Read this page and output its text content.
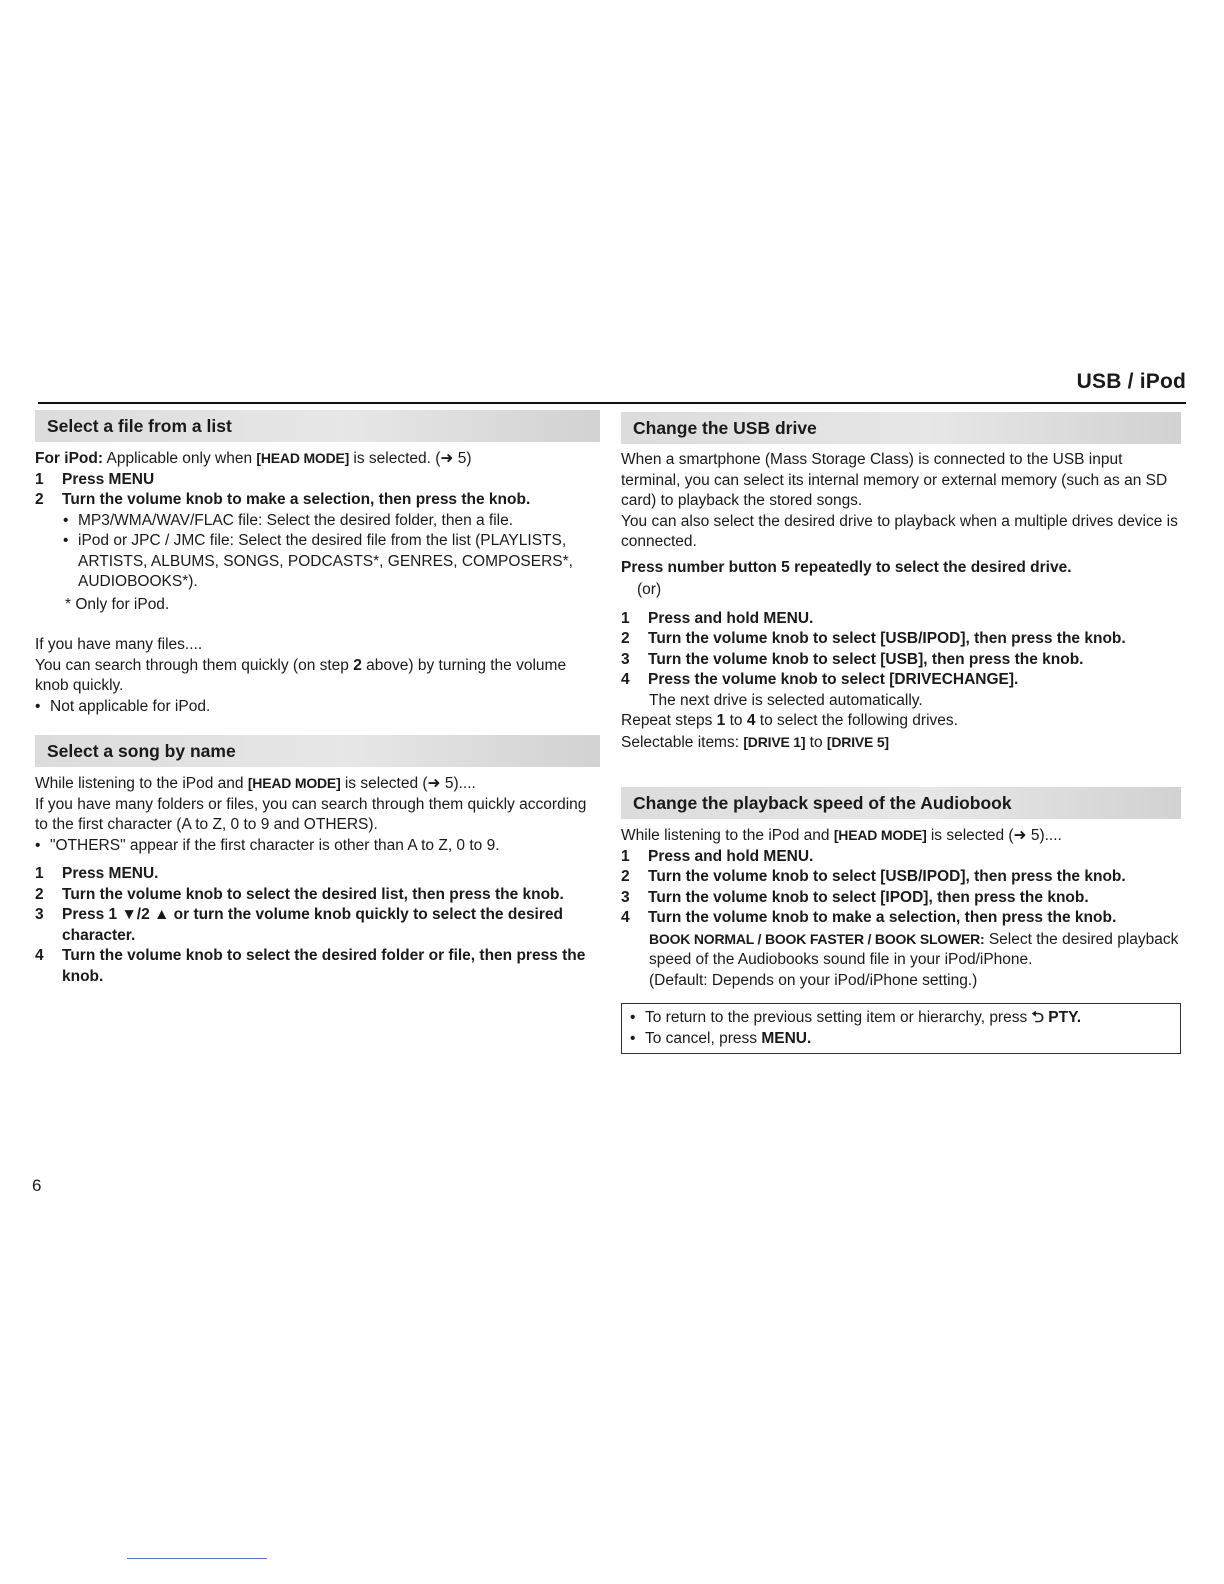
USB / iPod
Select a file from a list

For iPod: Applicable only when [HEAD MODE] is selected. (➜ 5)

1	Press MENU
2	Turn the volume knob to make a selection, then press the knob.
• MP3/WMA/WAV/FLAC file: Select the desired folder, then a file.
• iPod or JPC / JMC file: Select the desired file from the list (PLAYLISTS, ARTISTS, ALBUMS, SONGS, PODCASTS*, GENRES, COMPOSERS*, AUDIOBOOKS*).

* Only for iPod.

If you have many files....

You can search through them quickly (on step 2 above) by turning the volume knob quickly.

• Not applicable for iPod.
Select a song by name

While listening to the iPod and [HEAD MODE] is selected (➜ 5)....

If you have many folders or files, you can search through them quickly according to the first character (A to Z, 0 to 9 and OTHERS).

• "OTHERS" appear if the first character is other than A to Z, 0 to 9.
1	Press MENU.
2	Turn the volume knob to select the desired list, then press the knob.
3	Press 1 ▼/2 ▲ or turn the volume knob quickly to select the desired character.
4	Turn the volume knob to select the desired folder or file, then press the knob.
Change the USB drive

When a smartphone (Mass Storage Class) is connected to the USB input terminal, you can select its internal memory or external memory (such as an SD card) to playback the stored songs.

You can also select the desired drive to playback when a multiple drives device is connected.

Press number button 5 repeatedly to select the desired drive.

(or)

1	Press and hold MENU.
2	Turn the volume knob to select [USB/IPOD], then press the knob.
3	Turn the volume knob to select [USB], then press the knob.
4	Press the volume knob to select [DRIVECHANGE].

The next drive is selected automatically.

Repeat steps 1 to 4 to select the following drives.

Selectable items: [DRIVE 1] to [DRIVE 5]

Change the playback speed of the Audiobook

While listening to the iPod and [HEAD MODE] is selected (➜ 5)....

1	Press and hold MENU.
2	Turn the volume knob to select [USB/IPOD], then press the knob.
3	Turn the volume knob to select [IPOD], then press the knob.
4	Turn the volume knob to make a selection, then press the knob.

BOOK NORMAL / BOOK FASTER / BOOK SLOWER: Select the desired playback speed of the Audiobooks sound file in your iPod/iPhone.

(Default: Depends on your iPod/iPhone setting.)

• To return to the previous setting item or hierarchy, press ⮌ PTY.
• To cancel, press MENU.
6
